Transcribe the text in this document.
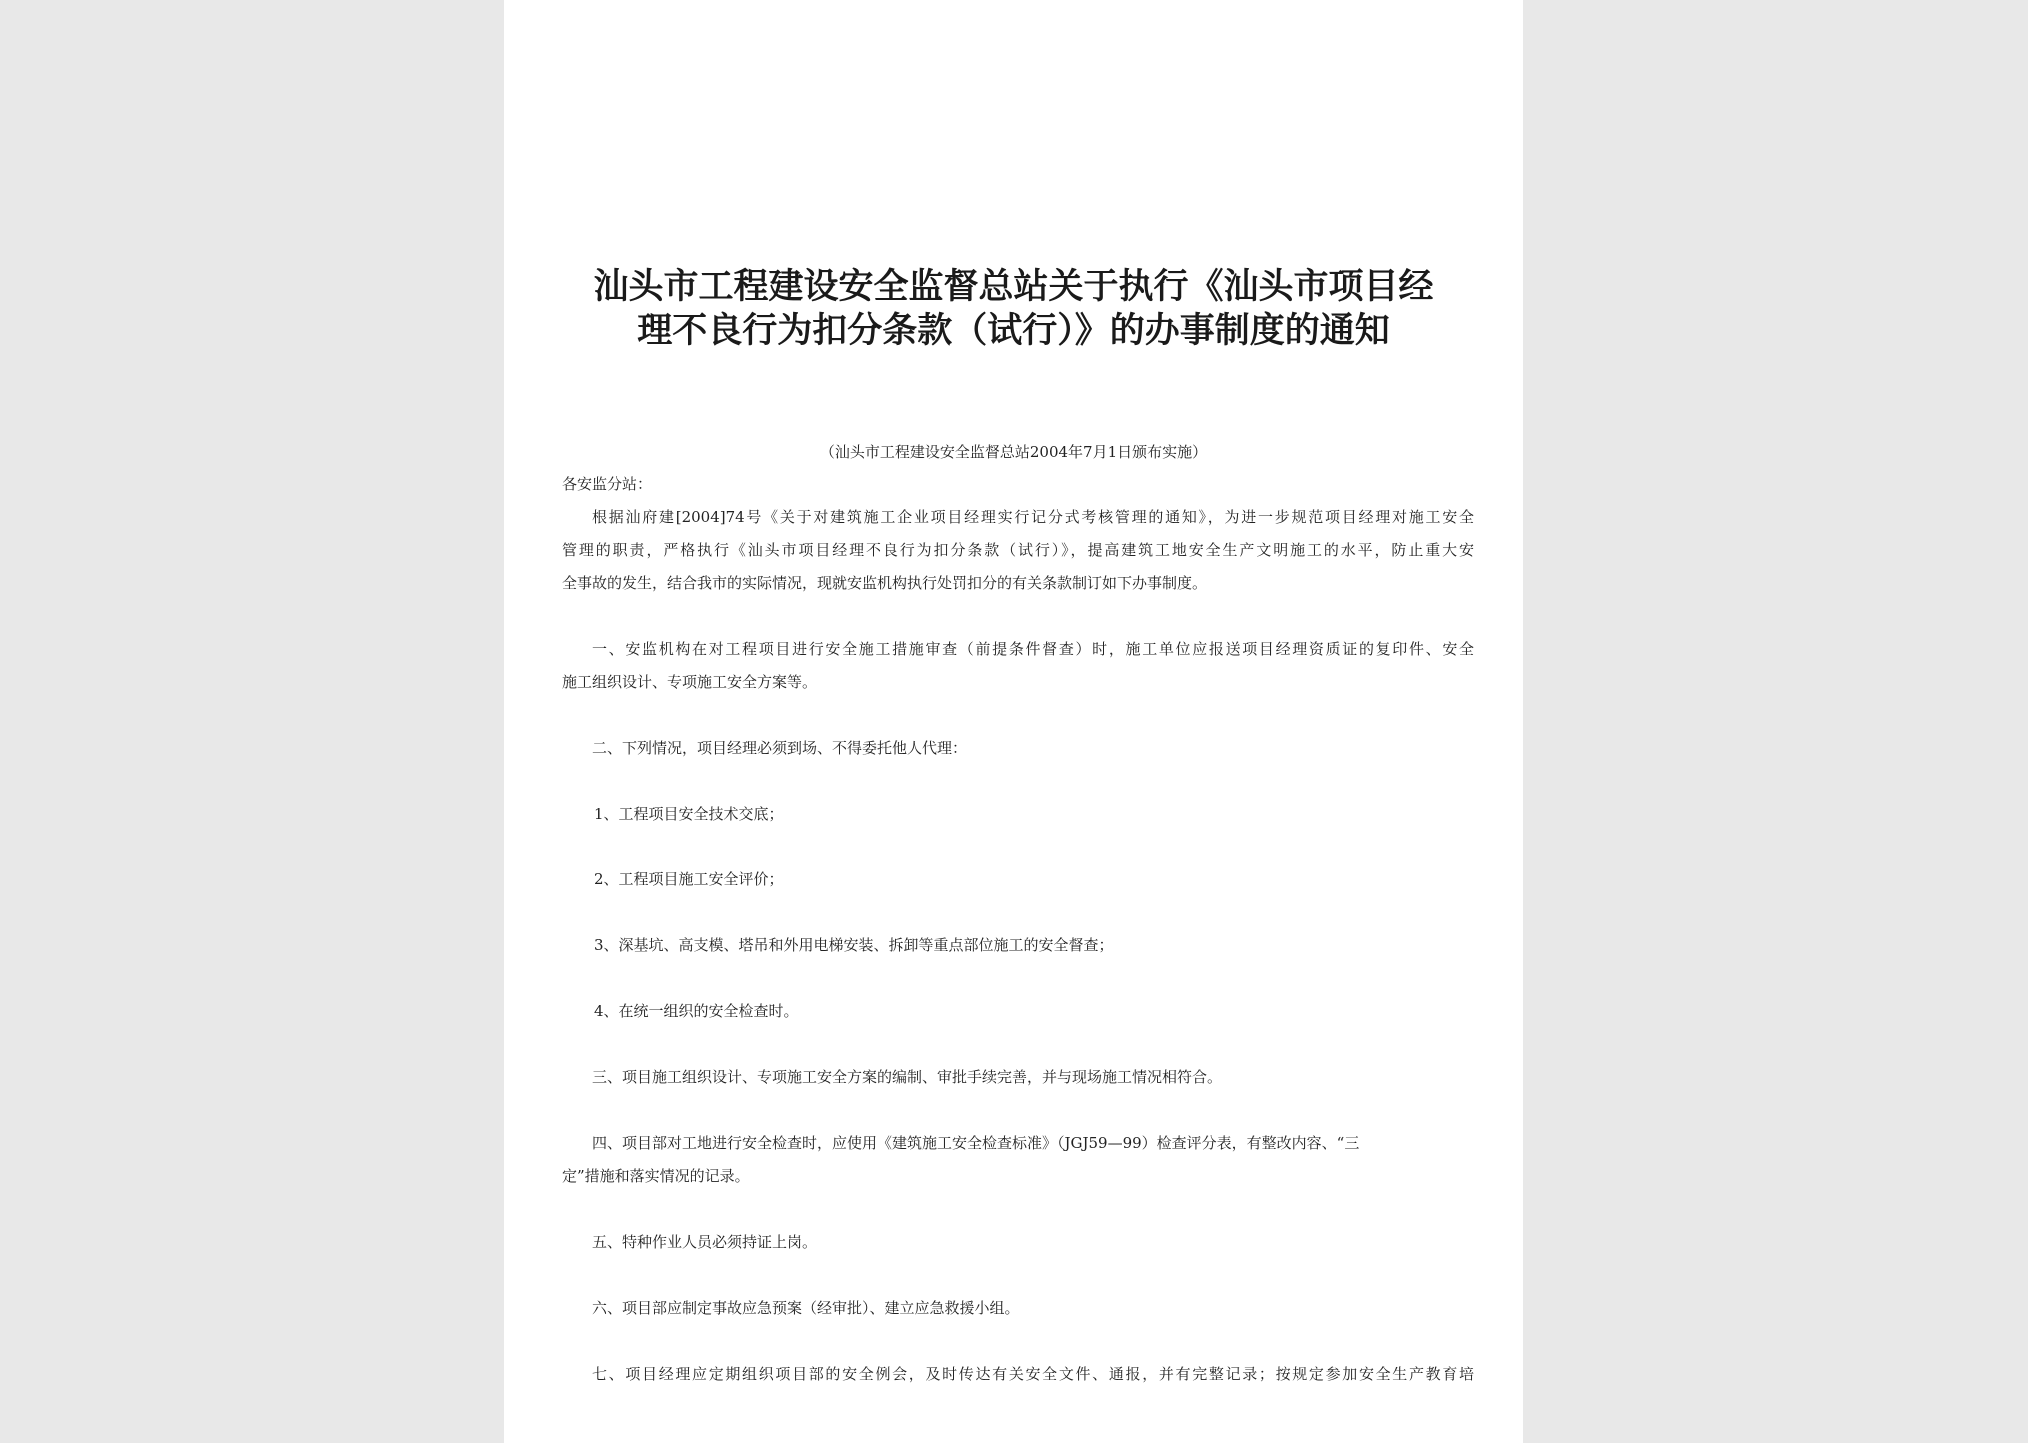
汕头市工程建设安全监督总站关于执行《汕头市项目经
理不良行为扣分条款（试行）》的办事制度的通知
（汕头市工程建设安全监督总站2004年7月1日颁布实施）
各安监分站：
根据汕府建[2004]74号《关于对建筑施工企业项目经理实行记分式考核管理的通知》，为进一步规范项目经理对施工安全
管理的职责，严格执行《汕头市项目经理不良行为扣分条款（试行）》，提高建筑工地安全生产文明施工的水平，防止重大安
全事故的发生，结合我市的实际情况，现就安监机构执行处罚扣分的有关条款制订如下办事制度。
一、安监机构在对工程项目进行安全施工措施审查（前提条件督查）时，施工单位应报送项目经理资质证的复印件、安全
施工组织设计、专项施工安全方案等。
二、下列情况，项目经理必须到场、不得委托他人代理：
1、工程项目安全技术交底；
2、工程项目施工安全评价；
3、深基坑、高支模、塔吊和外用电梯安装、拆卸等重点部位施工的安全督查；
4、在统一组织的安全检查时。
三、项目施工组织设计、专项施工安全方案的编制、审批手续完善，并与现场施工情况相符合。
四、项目部对工地进行安全检查时，应使用《建筑施工安全检查标准》（JGJ59—99）检查评分表，有整改内容、“三
定”措施和落实情况的记录。
五、特种作业人员必须持证上岗。
六、项目部应制定事故应急预案（经审批）、建立应急救援小组。
七、项目经理应定期组织项目部的安全例会，及时传达有关安全文件、通报，并有完整记录；按规定参加安全生产教育培
